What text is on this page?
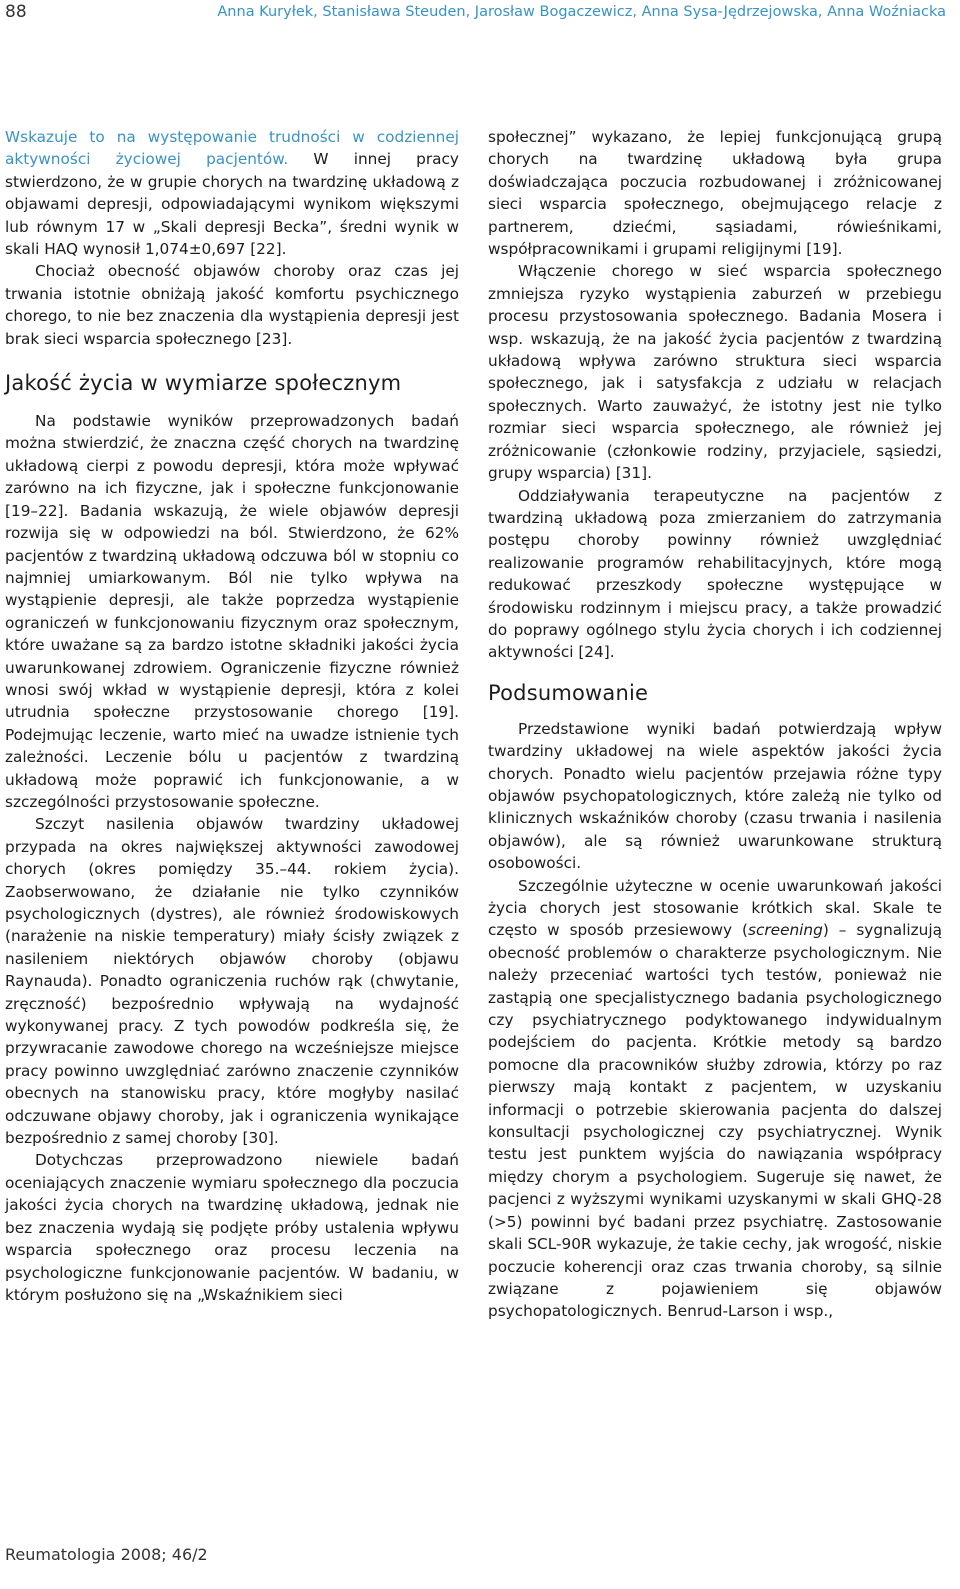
88	Anna Kuryłek, Stanisława Steuden, Jarosław Bogaczewicz, Anna Sysa-Jędrzejowska, Anna Woźniacka

Wskazuje to na występowanie trudności w codziennej aktywności życiowej pacjentów. W innej pracy stwierdzono, że w grupie chorych na twardzinę układową z objawami depresji, odpowiadającymi wynikom większymi lub równym 17 w „Skali depresji Becka”, średni wynik w skali HAQ wynosił 1,074±0,697 [22].

Chociaż obecność objawów choroby oraz czas jej trwania istotnie obniżają jakość komfortu psychicznego chorego, to nie bez znaczenia dla wystąpienia depresji jest brak sieci wsparcia społecznego [23].

Jakość życia w wymiarze społecznym

Na podstawie wyników przeprowadzonych badań można stwierdzić, że znaczna część chorych na twardzinę układową cierpi z powodu depresji, która może wpływać zarówno na ich fizyczne, jak i społeczne funkcjonowanie [19–22]. Badania wskazują, że wiele objawów depresji rozwija się w odpowiedzi na ból. Stwierdzono, że 62% pacjentów z twardziną układową odczuwa ból w stopniu co najmniej umiarkowanym. Ból nie tylko wpływa na wystąpienie depresji, ale także poprzedza wystąpienie ograniczeń w funkcjonowaniu fizycznym oraz społecznym, które uważane są za bardzo istotne składniki jakości życia uwarunkowanej zdrowiem. Ograniczenie fizyczne również wnosi swój wkład w wystąpienie depresji, która z kolei utrudnia społeczne przystosowanie chorego [19]. Podejmując leczenie, warto mieć na uwadze istnienie tych zależności. Leczenie bólu u pacjentów z twardziną układową może poprawić ich funkcjonowanie, a w szczególności przystosowanie społeczne.

Szczyt nasilenia objawów twardziny układowej przypada na okres największej aktywności zawodowej chorych (okres pomiędzy 35.–44. rokiem życia). Zaobserwowano, że działanie nie tylko czynników psychologicznych (dystres), ale również środowiskowych (narażenie na niskie temperatury) miały ścisły związek z nasileniem niektórych objawów choroby (objawu Raynauda). Ponadto ograniczenia ruchów rąk (chwytanie, zręczność) bezpośrednio wpływają na wydajność wykonywanej pracy. Z tych powodów podkreśla się, że przywracanie zawodowe chorego na wcześniejsze miejsce pracy powinno uwzględniać zarówno znaczenie czynników obecnych na stanowisku pracy, które mogłyby nasilać odczuwane objawy choroby, jak i ograniczenia wynikające bezpośrednio z samej choroby [30].

Dotychczas przeprowadzono niewiele badań oceniających znaczenie wymiaru społecznego dla poczucia jakości życia chorych na twardzinę układową, jednak nie bez znaczenia wydają się podjęte próby ustalenia wpływu wsparcia społecznego oraz procesu leczenia na psychologiczne funkcjonowanie pacjentów. W badaniu, w którym posłużono się na „Wskaźnikiem sieci

społecznej” wykazano, że lepiej funkcjonującą grupą chorych na twardzinę układową była grupa doświadczająca poczucia rozbudowanej i zróżnicowanej sieci wsparcia społecznego, obejmującego relacje z partnerem, dziećmi, sąsiadami, rówieśnikami, współpracownikami i grupami religijnymi [19].

Włączenie chorego w sieć wsparcia społecznego zmniejsza ryzyko wystąpienia zaburzeń w przebiegu procesu przystosowania społecznego. Badania Mosera i wsp. wskazują, że na jakość życia pacjentów z twardziną układową wpływa zarówno struktura sieci wsparcia społecznego, jak i satysfakcja z udziału w relacjach społecznych. Warto zauważyć, że istotny jest nie tylko rozmiar sieci wsparcia społecznego, ale również jej zróżnicowanie (członkowie rodziny, przyjaciele, sąsiedzi, grupy wsparcia) [31].

Oddziaływania terapeutyczne na pacjentów z twardziną układową poza zmierzaniem do zatrzymania postępu choroby powinny również uwzględniać realizowanie programów rehabilitacyjnych, które mogą redukować przeszkody społeczne występujące w środowisku rodzinnym i miejscu pracy, a także prowadzić do poprawy ogólnego stylu życia chorych i ich codziennej aktywności [24].

Podsumowanie

Przedstawione wyniki badań potwierdzają wpływ twardziny układowej na wiele aspektów jakości życia chorych. Ponadto wielu pacjentów przejawia różne typy objawów psychopatologicznych, które zależą nie tylko od klinicznych wskaźników choroby (czasu trwania i nasilenia objawów), ale są również uwarunkowane strukturą osobowości.

Szczególnie użyteczne w ocenie uwarunkowań jakości życia chorych jest stosowanie krótkich skal. Skale te często w sposób przesiewowy (screening) – sygnalizują obecność problemów o charakterze psychologicznym. Nie należy przeceniać wartości tych testów, ponieważ nie zastąpią one specjalistycznego badania psychologicznego czy psychiatrycznego podyktowanego indywidualnym podejściem do pacjenta. Krótkie metody są bardzo pomocne dla pracowników służby zdrowia, którzy po raz pierwszy mają kontakt z pacjentem, w uzyskaniu informacji o potrzebie skierowania pacjenta do dalszej konsultacji psychologicznej czy psychiatrycznej. Wynik testu jest punktem wyjścia do nawiązania współpracy między chorym a psychologiem. Sugeruje się nawet, że pacjenci z wyższymi wynikami uzyskanymi w skali GHQ-28 (>5) powinni być badani przez psychiatrę. Zastosowanie skali SCL-90R wykazuje, że takie cechy, jak wrogość, niskie poczucie koherencji oraz czas trwania choroby, są silnie związane z pojawieniem się objawów psychopatologicznych. Benrud-Larson i wsp.,

Reumatologia 2008; 46/2
